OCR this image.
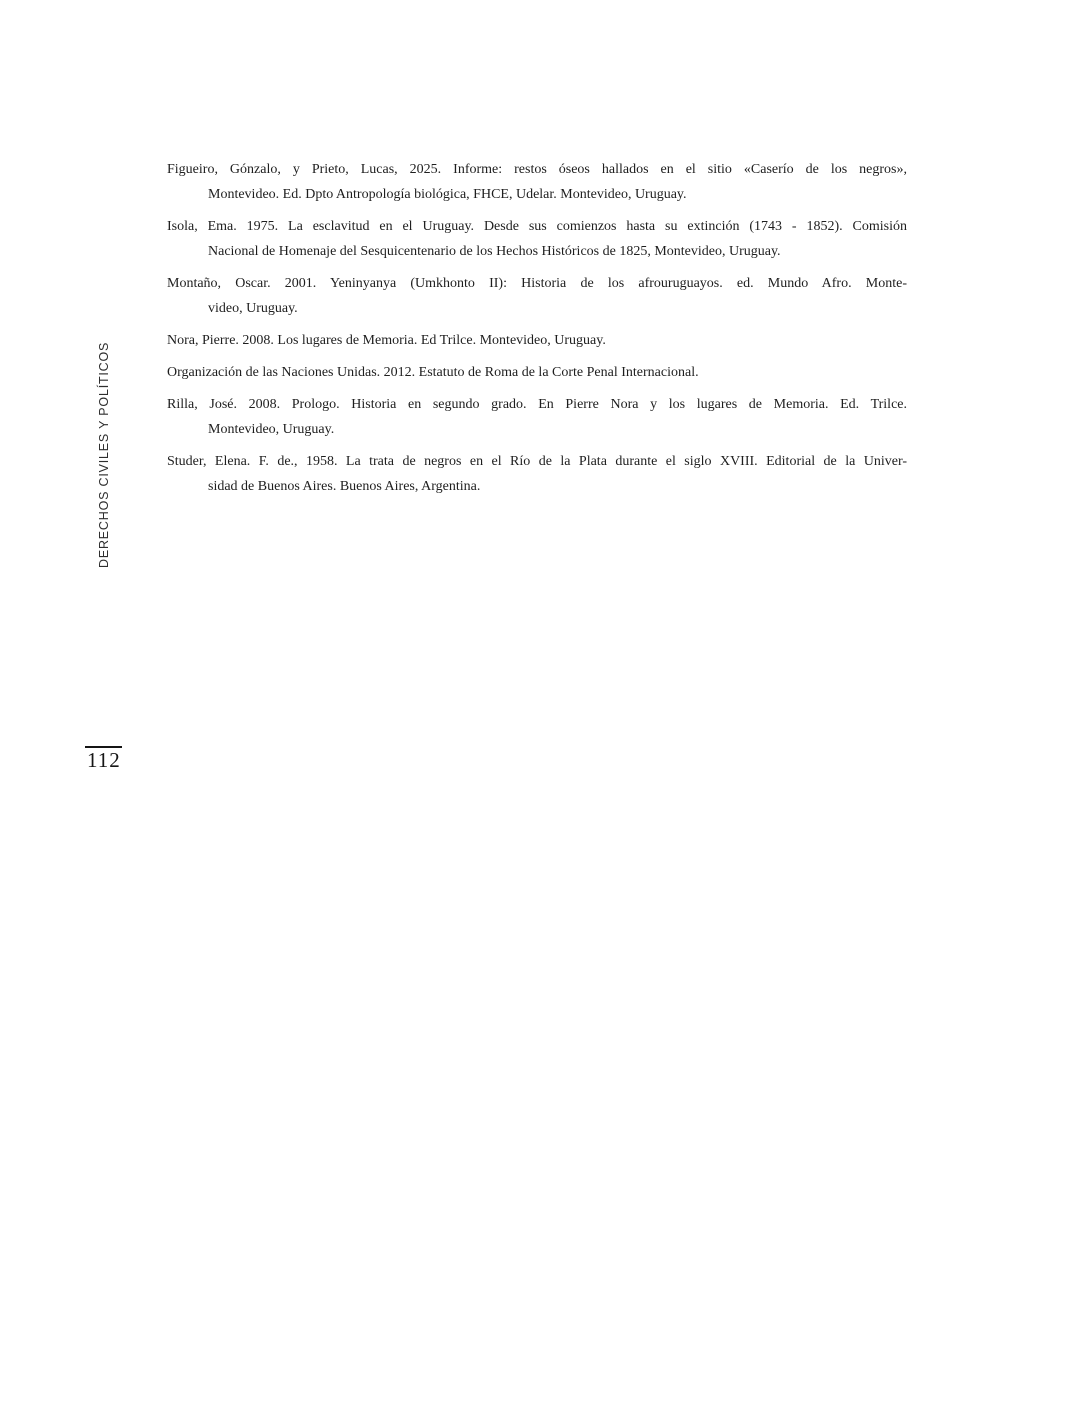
DERECHOS CIVILES Y POLÍTICOS
Figueiro, Gónzalo, y Prieto, Lucas, 2025. Informe: restos óseos hallados en el sitio «Caserío de los negros»,
Montevideo. Ed. Dpto Antropología biológica, FHCE, Udelar. Montevideo, Uruguay.
Isola, Ema. 1975. La esclavitud en el Uruguay. Desde sus comienzos hasta su extinción (1743 - 1852). Comisión
Nacional de Homenaje del Sesquicentenario de los Hechos Históricos de 1825, Montevideo, Uruguay.
Montaño, Oscar. 2001. Yeninyanya (Umkhonto II): Historia de los afrouruguayos. ed. Mundo Afro. Monte-
video, Uruguay.
Nora, Pierre. 2008. Los lugares de Memoria. Ed Trilce. Montevideo, Uruguay.
Organización de las Naciones Unidas. 2012. Estatuto de Roma de la Corte Penal Internacional.
Rilla, José. 2008. Prologo. Historia en segundo grado. En Pierre Nora y los lugares de Memoria. Ed. Trilce.
Montevideo, Uruguay.
Studer, Elena. F. de., 1958. La trata de negros en el Río de la Plata durante el siglo XVIII. Editorial de la Univer-
sidad de Buenos Aires. Buenos Aires, Argentina.
112
